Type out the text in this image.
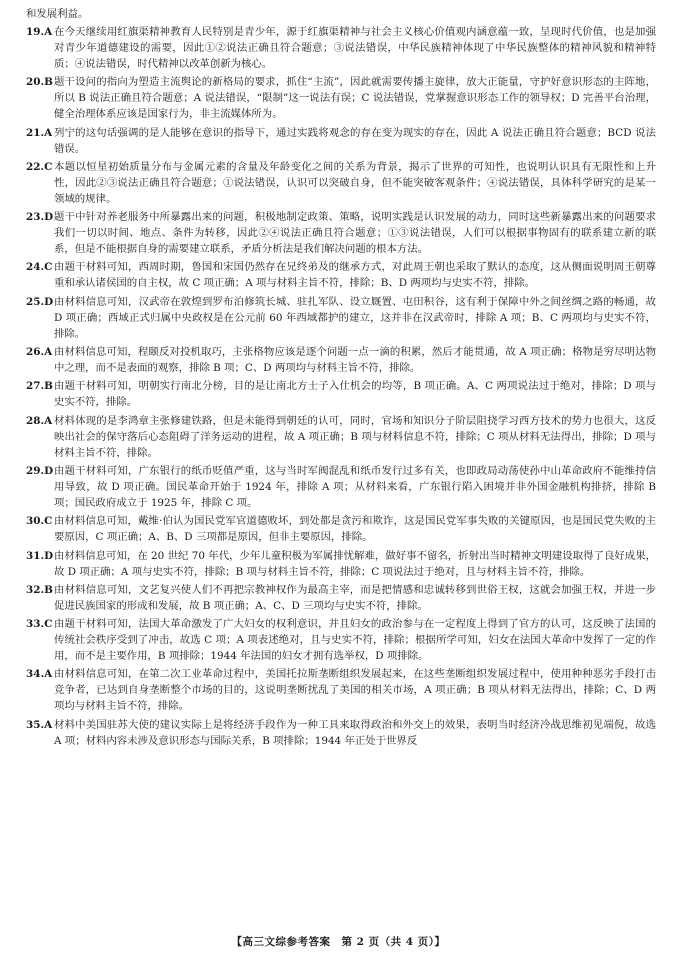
和发展利益。
19.A 在今天继续用红旗渠精神教育人民特别是青少年，源于红旗渠精神与社会主义核心价值观内涵意蕴一致，呈现时代价值，也是加强对青少年道德建设的需要，因此①②说法正确且符合题意；③说法错误，中华民族精神体现了中华民族整体的精神风貌和精神特质；④说法错误，时代精神以改革创新为核心。
20.B 题干设问的指向为塑造主流舆论的新格局的要求，抓住“主流”，因此就需要传播主旋律，放大正能量，守护好意识形态的主阵地，所以 B 说法正确且符合题意；A 说法错误，“限制”这一说法有误；C 说法错误，党掌握意识形态工作的领导权；D 完善平台治理，健全治理体系应该是国家行为，非主流媒体所为。
21.A 列宁的这句话强调的是人能够在意识的指导下，通过实践将观念的存在变为现实的存在，因此 A 说法正确且符合题意；BCD 说法错误。
22.C 本题以恒星初始质量分布与金属元素的含量及年龄变化之间的关系为背景，揭示了世界的可知性，也说明认识具有无限性和上升性，因此②③说法正确且符合题意；①说法错误，认识可以突破自身，但不能突破客观条件；④说法错误，具体科学研究的是某一领域的规律。
23.D 题干中针对养老服务中所暴露出来的问题，积极地制定政策、策略，说明实践是认识发展的动力，同时这些新暴露出来的问题要求我们一切以时间、地点、条件为转移，因此②④说法正确且符合题意；①③说法错误，人们可以根据事物固有的联系建立新的联系，但是不能根据自身的需要建立联系，矛盾分析法是我们解决问题的根本方法。
24.C 由题干材料可知，西周时期，鲁国和宋国仍然存在兄终弟及的继承方式，对此周王朝也采取了默认的态度，这从侧面说明周王朝尊重和承认诸侯国的自主权，故 C 项正确；A 项与材料主旨不符，排除；B、D 两项均与史实不符，排除。
25.D 由材料信息可知，汉武帝在敦煌到罗布泊修筑长城、驻扎军队、设立厩置、屯田积谷，这有利于保障中外之间丝绸之路的畅通，故 D 项正确；西域正式归属中央政权是在公元前 60 年西域都护的建立，这并非在汉武帝时，排除 A 项；B、C 两项均与史实不符，排除。
26.A 由材料信息可知，程颐反对投机取巧，主张格物应该是逐个问题一点一滴的积累，然后才能贯通，故 A 项正确；格物是穷尽明达物中之理，而不是表面的观察，排除 B 项；C、D 两项均与材料主旨不符，排除。
27.B 由题干材料可知，明朝实行南北分榜，目的是让南北方士子入仕机会的均等，B 项正确。A、C 两项说法过于绝对，排除；D 项与史实不符，排除。
28.A 材料体现的是李鸿章主张修建铁路，但是未能得到朝廷的认可，同时，官场和知识分子阶层阻挠学习西方技术的势力也很大，这反映出社会的保守落后心态阻碍了洋务运动的进程，故 A 项正确；B 项与材料信息不符，排除；C 项从材料无法得出，排除；D 项与材料主旨不符，排除。
29.D 由题干材料可知，广东银行的纸币贬值严重，这与当时军阀混乱和纸币发行过多有关，也即政局动荡使孙中山革命政府不能维持信用导致，故 D 项正确。国民革命开始于 1924 年，排除 A 项；从材料来看，广东银行陷入困境并非外国金融机构排挤，排除 B 项；国民政府成立于 1925 年，排除 C 项。
30.C 由材料信息可知，戴维·伯认为国民党军官道德败坏，到处都是贪污和欺诈，这是国民党军事失败的关键原因，也是国民党失败的主要原因，C 项正确；A、B、D 三项都是原因，但非主要原因，排除。
31.D 由材料信息可知，在 20 世纪 70 年代，少年儿童积极为军属排忧解难，做好事不留名，折射出当时精神文明建设取得了良好成果，故 D 项正确；A 项与史实不符，排除；B 项与材料主旨不符，排除；C 项说法过于绝对，且与材料主旨不符，排除。
32.B 由材料信息可知，文艺复兴使人们不再把宗教神权作为最高主宰，而是把情感和忠诚转移到世俗王权，这就会加强王权，并进一步促进民族国家的形成和发展，故 B 项正确；A、C、D 三项均与史实不符，排除。
33.C 由题干材料可知，法国大革命激发了广大妇女的权利意识，并且妇女的政治参与在一定程度上得到了官方的认可，这反映了法国的传统社会秩序受到了冲击，故选 C 项；A 项表述绝对，且与史实不符，排除；根据所学可知，妇女在法国大革命中发挥了一定的作用，而不是主要作用，B 项排除；1944 年法国的妇女才拥有选举权，D 项排除。
34.A 由材料信息可知，在第二次工业革命过程中，美国托拉斯垄断组织发展起来，在这些垄断组织发展过程中，使用种种恶劣手段打击竞争者，已达到自身垄断整个市场的目的，这说明垄断扰乱了美国的相关市场，A 项正确；B 项从材料无法得出，排除；C、D 两项均与材料主旨不符，排除。
35.A 材料中美国驻苏大使的建议实际上是将经济手段作为一种工具来取得政治和外交上的效果，表明当时经济冷战思维初见端倪，故选 A 项；材料内容未涉及意识形态与国际关系，B 项排除；1944 年正处于世界反
【高三文综参考答案　第 2 页（共 4 页）】
